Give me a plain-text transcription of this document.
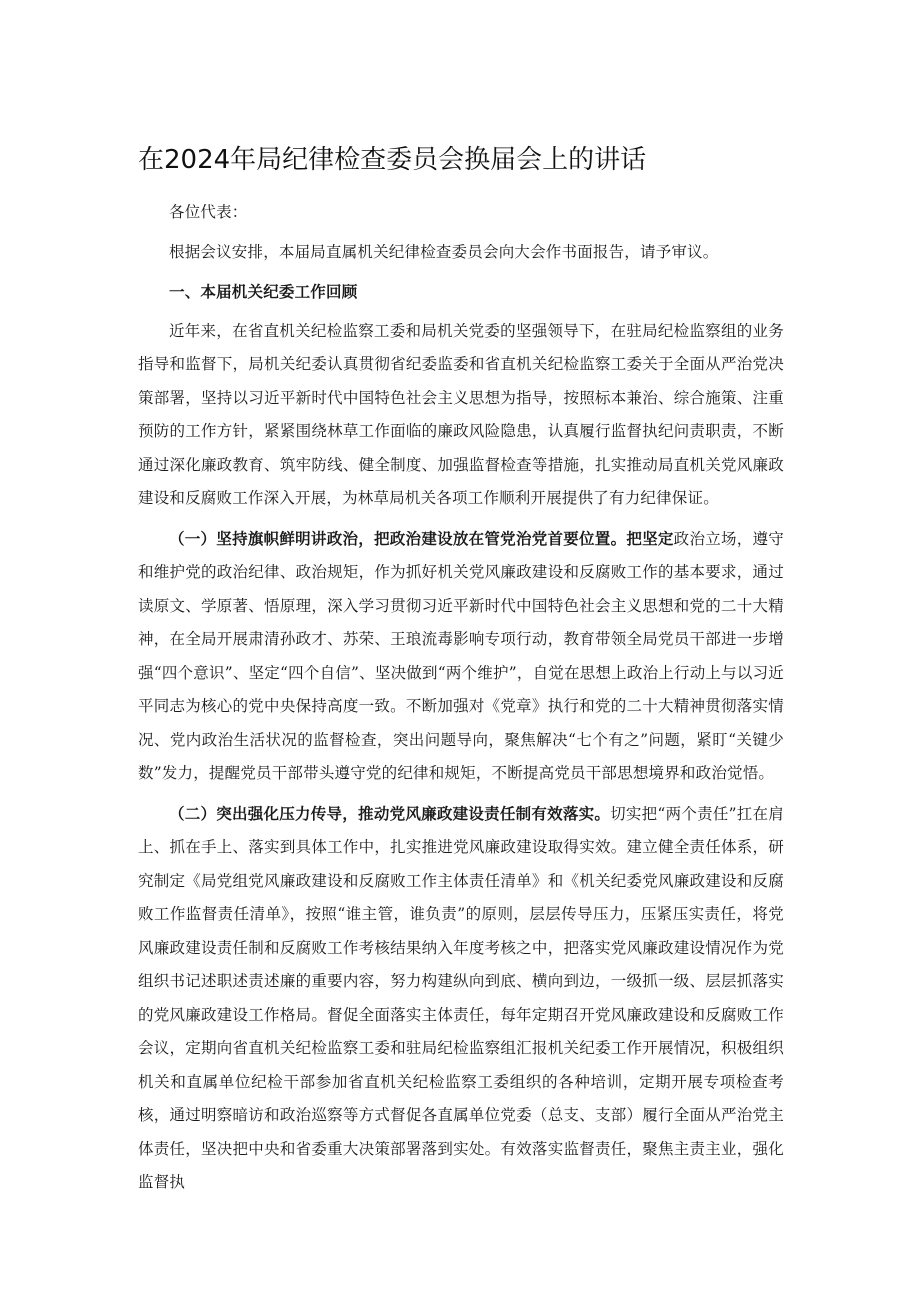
在2024年局纪律检查委员会换届会上的讲话

各位代表：

根据会议安排，本届局直属机关纪律检查委员会向大会作书面报告，请予审议。

一、本届机关纪委工作回顾

近年来，在省直机关纪检监察工委和局机关党委的坚强领导下，在驻局纪检监察组的业务指导和监督下，局机关纪委认真贯彻省纪委监委和省直机关纪检监察工委关于全面从严治党决策部署，坚持以习近平新时代中国特色社会主义思想为指导，按照标本兼治、综合施策、注重预防的工作方针，紧紧围绕林草工作面临的廉政风险隐患，认真履行监督执纪问责职责，不断通过深化廉政教育、筑牢防线、健全制度、加强监督检查等措施，扎实推动局直机关党风廉政建设和反腐败工作深入开展，为林草局机关各项工作顺利开展提供了有力纪律保证。

（一）坚持旗帜鲜明讲政治，把政治建设放在管党治党首要位置。把坚定政治立场，遵守和维护党的政治纪律、政治规矩，作为抓好机关党风廉政建设和反腐败工作的基本要求，通过读原文、学原著、悟原理，深入学习贯彻习近平新时代中国特色社会主义思想和党的二十大精神，在全局开展肃清孙政才、苏荣、王琅流毒影响专项行动，教育带领全局党员干部进一步增强“四个意识”、坚定“四个自信”、坚决做到“两个维护”，自觉在思想上政治上行动上与以习近平同志为核心的党中央保持高度一致。不断加强对《党章》执行和党的二十大精神贯彻落实情况、党内政治生活状况的监督检查，突出问题导向，聚焦解决“七个有之”问题，紧盯“关键少数”发力，提醒党员干部带头遵守党的纪律和规矩，不断提高党员干部思想境界和政治觉悟。

（二）突出强化压力传导，推动党风廉政建设责任制有效落实。切实把“两个责任”扛在肩上、抓在手上、落实到具体工作中，扎实推进党风廉政建设取得实效。建立健全责任体系，研究制定《局党组党风廉政建设和反腐败工作主体责任清单》和《机关纪委党风廉政建设和反腐败工作监督责任清单》，按照“谁主管，谁负责”的原则，层层传导压力，压紧压实责任，将党风廉政建设责任制和反腐败工作考核结果纳入年度考核之中，把落实党风廉政建设情况作为党组织书记述职述责述廉的重要内容，努力构建纵向到底、横向到边，一级抓一级、层层抓落实的党风廉政建设工作格局。督促全面落实主体责任，每年定期召开党风廉政建设和反腐败工作会议，定期向省直机关纪检监察工委和驻局纪检监察组汇报机关纪委工作开展情况，积极组织机关和直属单位纪检干部参加省直机关纪检监察工委组织的各种培训，定期开展专项检查考核，通过明察暗访和政治巡察等方式督促各直属单位党委（总支、支部）履行全面从严治党主体责任，坚决把中央和省委重大决策部署落到实处。有效落实监督责任，聚焦主责主业，强化监督执
